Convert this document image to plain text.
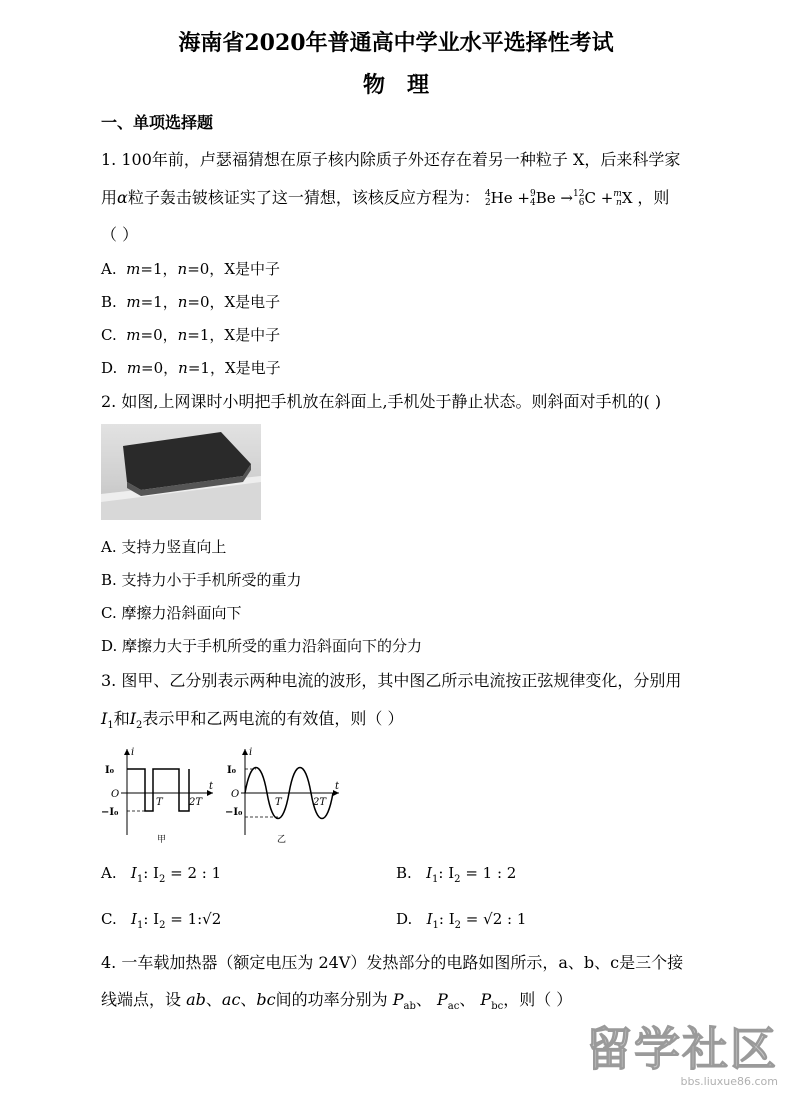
海南省2020年普通高中学业水平选择性考试
物理
一、单项选择题
1. 100年前，卢瑟福猜想在原子核内除质子外还存在着另一种粒子 X，后来科学家
用α粒子轰击铍核证实了这一猜想，该核反应方程为： 4
2 He + 9
4 Be → 12
6 C + m
n X ，则
（ ）
A. m=1，n=0，X是中子
B. m=1，n=0，X是电子
C. m=0，n=1，X是中子
D. m=0，n=1，X是电子
2. 如图,上网课时小明把手机放在斜面上,手机处于静止状态。则斜面对手机的( )
A. 支持力竖直向上
B. 支持力小于手机所受的重力
C. 摩擦力沿斜面向下
D. 摩擦力大于手机所受的重力沿斜面向下的分力
3. 图甲、乙分别表示两种电流的波形，其中图乙所示电流按正弦规律变化，分别用
$I_1$和$I_2$表示甲和乙两电流的有效值，则（ ）
i
I₀
O
−I₀
T	2T
t
甲
i
I₀
O
−I₀
T	2T
t
乙
A. $I_1$: $I_2 = 2$ : 1	B. $I_1$: $I_2 = 1$ : 2
C. $I_1$: $I_2$ = 1:√2	D. $I_1$: $I_2 = √2$ : 1
4. 一车载加热器（额定电压为 24V）发热部分的电路如图所示，a、b、c是三个接
线端点，设 ab、ac、bc间的功率分别为 $P_{ab}$、 $P_{ac}$、 $P_{bc}$，则（ ）
留学社区
bbs.liuxue86.com
